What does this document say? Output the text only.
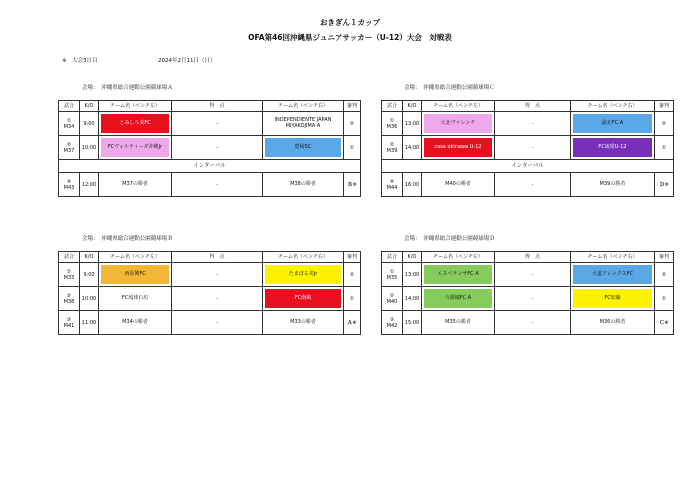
おきぎん１カップ
OFA第46回沖縄県ジュニアサッカー（U-12）大会　対戦表
※　大会3日目	2024年2月11日（日）
会場：　沖縄県総合運動公園競球場Ａ
試合	K/O	チーム名（ベンチ左）	得　点	チーム名（ベンチ右）	審判

①
M34	9:00	とみしろ美FC	-	INDEPENDIENTE JAPAN MIYAKOJIMA A	②

②
M37	10:00	FCヴォルティーダ沖縄Jr	-	豊崎SC	①
インターバル					

④
M43	12:00	M37の勝者	-	M38の勝者	Ｂ③
会場：　沖縄県総合運動公園競球場Ｃ
試合	K/O	チーム名（ベンチ左）	得　点	チーム名（ベンチ右）	審判

①
M36	13:00	大北ヴァレンチ	-	浦北FC A	②

②
M39	14:00	casa okinawa U-12	-	FC琉球U-12	①
インターバル					

④
M44	16:00	M40の勝者	-	M39の勝者	Ｄ③
会場：　沖縄県総合運動公園競球場Ｂ
試合	K/O	チーム名（ベンチ左）	得　点	チーム名（ベンチ右）	審判

①
M33	9:00	西原興FC	-	たまぽる美Jr	②

②
M38	10:00	FC琉球石垣	-	FC南風	①

③
M41	11:00	M34の勝者	-	M33の勝者	Ａ④
会場：　沖縄県総合運動公園競球場Ｄ
試合	K/O	チーム名（ベンチ左）	得　点	チーム名（ベンチ右）	審判

①
M35	13:00	エスペランサFC A	-	大道アレックスFC	②

②
M40	14:00	与那城FC A	-	FC加藤	①

③
M42	15:00	M35の勝者	-	M36の勝者	Ｃ④
